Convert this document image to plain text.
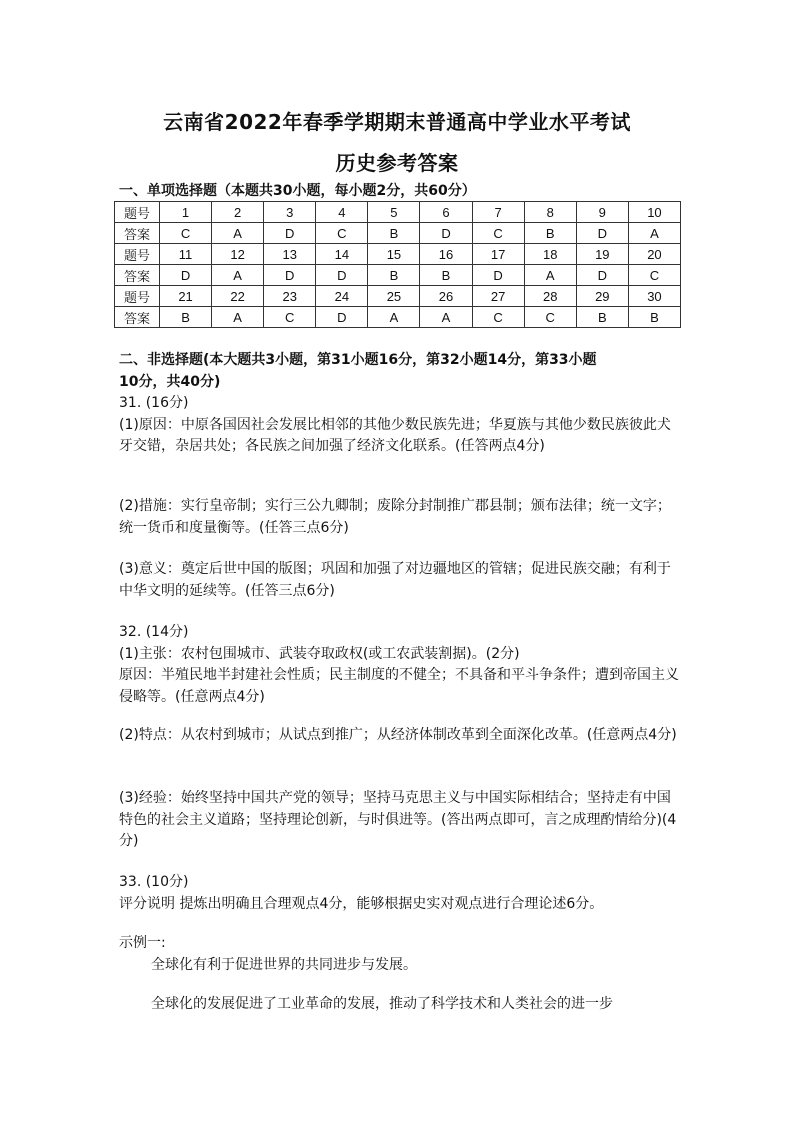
云南省2022年春季学期期末普通高中学业水平考试
历史参考答案
一、单项选择题（本题共30小题，每小题2分，共60分）
题号	1	2	3	4	5	6	7	8	9	10
答案	C	A	D	C	B	D	C	B	D	A
题号	11	12	13	14	15	16	17	18	19	20
答案	D	A	D	D	B	B	D	A	D	C
题号	21	22	23	24	25	26	27	28	29	30
答案	B	A	C	D	A	A	C	C	B	B

二、非选择题(本大题共3小题，第31小题16分，第32小题14分，第33小题

10分，共40分)

31. (16分)

(1)原因：中原各国因社会发展比相邻的其他少数民族先进；华夏族与其他少数民族彼此犬牙交错，杂居共处；各民族之间加强了经济文化联系。(任答两点4分)

(2)措施：实行皇帝制；实行三公九卿制；废除分封制推广郡县制；颁布法律；统一文字；统一货币和度量衡等。(任答三点6分)

(3)意义：奠定后世中国的版图；巩固和加强了对边疆地区的管辖；促进民族交融；有利于中华文明的延续等。(任答三点6分)

32. (14分)

(1)主张：农村包围城市、武装夺取政权(或工农武装割据)。(2分)

原因：半殖民地半封建社会性质；民主制度的不健全；不具备和平斗争条件；遭到帝国主义侵略等。(任意两点4分)

(2)特点：从农村到城市；从试点到推广；从经济体制改革到全面深化改革。(任意两点4分)

(3)经验：始终坚持中国共产党的领导；坚持马克思主义与中国实际相结合；坚持走有中国特色的社会主义道路；坚持理论创新，与时俱进等。(答出两点即可，言之成理酌情给分)(4分)

33. (10分)

评分说明 提炼出明确且合理观点4分，能够根据史实对观点进行合理论述6分。

示例一:

全球化有利于促进世界的共同进步与发展。

全球化的发展促进了工业革命的发展，推动了科学技术和人类社会的进一步
